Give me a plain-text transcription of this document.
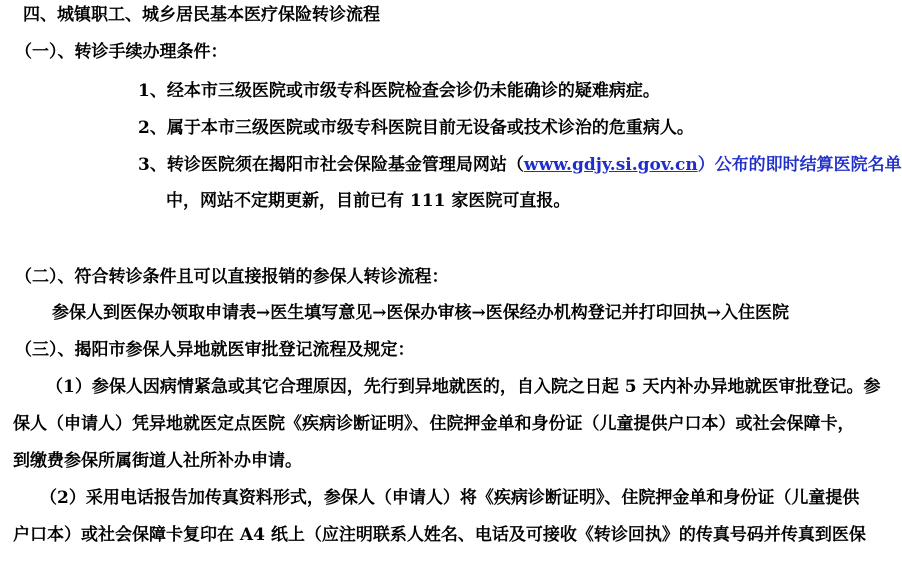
四、城镇职工、城乡居民基本医疗保险转诊流程
（一）、转诊手续办理条件：
1、经本市三级医院或市级专科医院检查会诊仍未能确诊的疑难病症。
2、属于本市三级医院或市级专科医院目前无设备或技术诊治的危重病人。
3、转诊医院须在揭阳市社会保险基金管理局网站（www.gdjy.si.gov.cn）公布的即时结算医院名单
中，网站不定期更新，目前已有 111 家医院可直报。
（二）、符合转诊条件且可以直接报销的参保人转诊流程：
参保人到医保办领取申请表→医生填写意见→医保办审核→医保经办机构登记并打印回执→入住医院
（三）、揭阳市参保人异地就医审批登记流程及规定：
（1）参保人因病情紧急或其它合理原因，先行到异地就医的，自入院之日起 5 天内补办异地就医审批登记。参
保人（申请人）凭异地就医定点医院《疾病诊断证明》、住院押金单和身份证（儿童提供户口本）或社会保障卡，
到缴费参保所属街道人社所补办申请。
（2）采用电话报告加传真资料形式，参保人（申请人）将《疾病诊断证明》、住院押金单和身份证（儿童提供
户口本）或社会保障卡复印在 A4 纸上（应注明联系人姓名、电话及可接收《转诊回执》的传真号码并传真到医保
